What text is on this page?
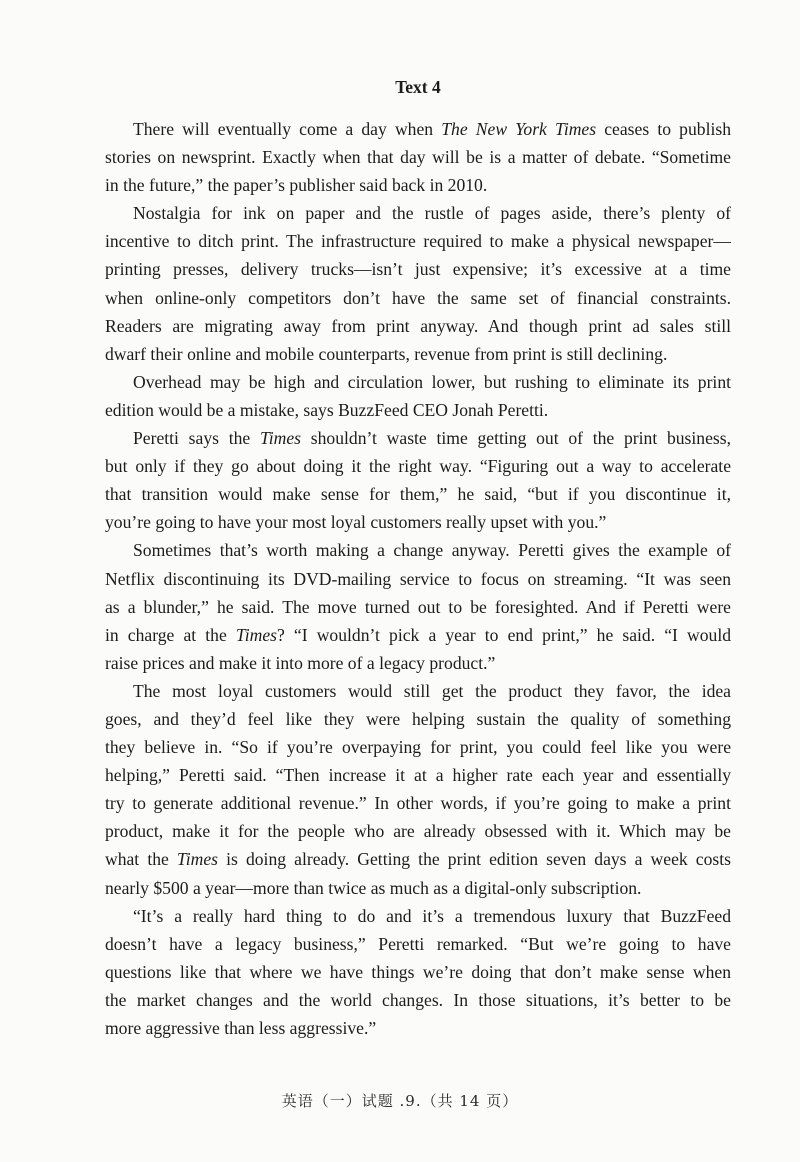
Text 4
There will eventually come a day when The New York Times ceases to publish
stories on newsprint. Exactly when that day will be is a matter of debate. “Sometime
in the future,” the paper’s publisher said back in 2010.
Nostalgia for ink on paper and the rustle of pages aside, there’s plenty of
incentive to ditch print. The infrastructure required to make a physical newspaper—
printing presses, delivery trucks—isn’t just expensive; it’s excessive at a time
when online-only competitors don’t have the same set of financial constraints.
Readers are migrating away from print anyway. And though print ad sales still
dwarf their online and mobile counterparts, revenue from print is still declining.
Overhead may be high and circulation lower, but rushing to eliminate its print
edition would be a mistake, says BuzzFeed CEO Jonah Peretti.
Peretti says the Times shouldn’t waste time getting out of the print business,
but only if they go about doing it the right way. “Figuring out a way to accelerate
that transition would make sense for them,” he said, “but if you discontinue it,
you’re going to have your most loyal customers really upset with you.”
Sometimes that’s worth making a change anyway. Peretti gives the example of
Netflix discontinuing its DVD-mailing service to focus on streaming. “It was seen
as a blunder,” he said. The move turned out to be foresighted. And if Peretti were
in charge at the Times? “I wouldn’t pick a year to end print,” he said. “I would
raise prices and make it into more of a legacy product.”
The most loyal customers would still get the product they favor, the idea
goes, and they’d feel like they were helping sustain the quality of something
they believe in. “So if you’re overpaying for print, you could feel like you were
helping,” Peretti said. “Then increase it at a higher rate each year and essentially
try to generate additional revenue.” In other words, if you’re going to make a print
product, make it for the people who are already obsessed with it. Which may be
what the Times is doing already. Getting the print edition seven days a week costs
nearly $500 a year—more than twice as much as a digital-only subscription.
“It’s a really hard thing to do and it’s a tremendous luxury that BuzzFeed
doesn’t have a legacy business,” Peretti remarked. “But we’re going to have
questions like that where we have things we’re doing that don’t make sense when
the market changes and the world changes. In those situations, it’s better to be
more aggressive than less aggressive.”
英语（一）试题 .9.（共 14 页）
